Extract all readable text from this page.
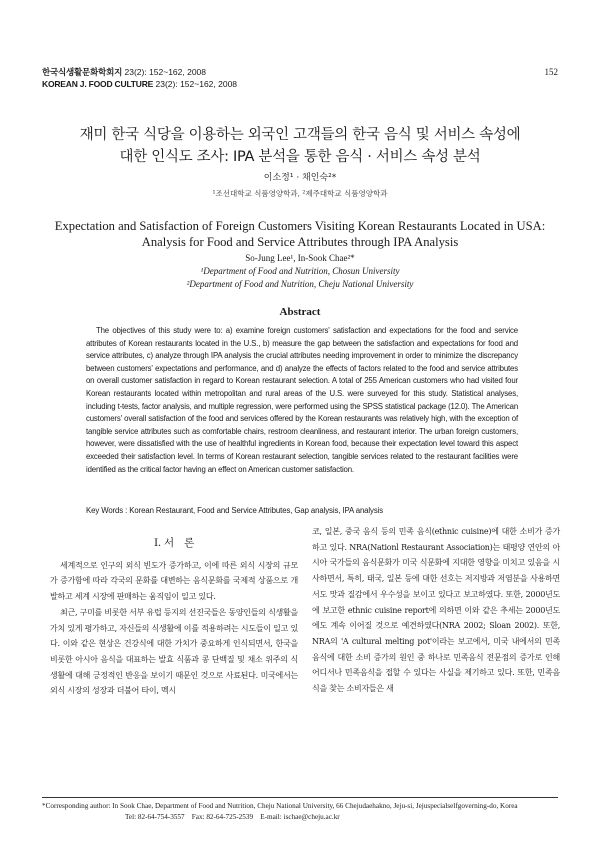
한국식생활문화학회지 23(2): 152~162, 2008
KOREAN J. FOOD CULTURE 23(2): 152~162, 2008
152
재미 한국 식당을 이용하는 외국인 고객들의 한국 음식 및 서비스 속성에
대한 인식도 조사: IPA 분석을 통한 음식 · 서비스 속성 분석
이소정¹ · 채인숙²*
¹조선대학교 식품영양학과, ²제주대학교 식품영양학과
Expectation and Satisfaction of Foreign Customers Visiting Korean Restaurants Located in USA:
Analysis for Food and Service Attributes through IPA Analysis
So-Jung Lee¹, In-Sook Chae²*
¹Department of Food and Nutrition, Chosun University
²Department of Food and Nutrition, Cheju National University
Abstract

The objectives of this study were to: a) examine foreign customers' satisfaction and expectations for the food and service attributes of Korean restaurants located in the U.S., b) measure the gap between the satisfaction and expectations for food and service attributes, c) analyze through IPA analysis the crucial attributes needing improvement in order to minimize the discrepancy between customers' expectations and performance, and d) analyze the effects of factors related to the food and service attributes on overall customer satisfaction in regard to Korean restaurant selection. A total of 255 American customers who had visited four Korean restaurants located within metropolitan and rural areas of the U.S. were surveyed for this study. Statistical analyses, including t-tests, factor analysis, and multiple regression, were performed using the SPSS statistical package (12.0). The American customers' overall satisfaction of the food and services offered by the Korean restaurants was relatively high, with the exception of tangible service attributes such as comfortable chairs, restroom cleanliness, and restaurant interior. The urban foreign customers, however, were dissatisfied with the use of healthful ingredients in Korean food, because their expectation level toward this aspect exceeded their satisfaction level. In terms of Korean restaurant selection, tangible services related to the restaurant facilities were identified as the critical factor having an effect on American customer satisfaction.

Key Words : Korean Restaurant, Food and Service Attributes, Gap analysis, IPA analysis
I. 서　론

세계적으로 인구의 외식 빈도가 증가하고, 이에 따른 외식 시장의 규모가 증가함에 따라 각국의 문화를 대변하는 음식문화를 국제적 상품으로 개발하고 세계 시장에 판매하는 움직임이 일고 있다.

최근, 구미를 비롯한 서부 유럽 등지의 선진국들은 동양인들의 식생활을 가치 있게 평가하고, 자신들의 식생활에 이를 적용하려는 시도들이 일고 있다. 이와 같은 현상은 건강식에 대한 가치가 중요하게 인식되면서, 한국을 비롯한 아시아 음식을 대표하는 발효 식품과 콩 단백질 및 채소 위주의 식생활에 대해 긍정적인 반응을 보이기 때문인 것으로 사료된다. 미국에서는 외식 시장의 성장과 더불어 타이, 멕시

코, 일본, 중국 음식 등의 민족 음식(ethnic cuisine)에 대한 소비가 증가하고 있다. NRA(Nationl Restaurant Association)는 태평양 연안의 아시아 국가들의 음식문화가 미국 식문화에 지대한 영향을 미치고 있음을 시사하면서, 특히, 태국, 일본 등에 대한 선호는 저지방과 저염분을 사용하면서도 맛과 질감에서 우수성을 보이고 있다고 보고하였다. 또한, 2000년도에 보고한 ethnic cuisine report에 의하면 이와 같은 추세는 2000년도에도 계속 이어질 것으로 예견하였다(NRA 2002; Sloan 2002). 또한, NRA의 'A cultural melting pot'이라는 보고에서, 미국 내에서의 민족 음식에 대한 소비 증가의 원인 중 하나로 민족음식 전문점의 증가로 인해 어디서나 민족음식을 접할 수 있다는 사실을 제기하고 있다. 또한, 민족음식을 찾는 소비자들은 새

*Corresponding author: In Sook Chae, Department of Food and Nutrition, Cheju National University, 66 Chejudaehakno, Jeju-si, Jejuspecialselfgoverning-do, Korea
Tel: 82-64-754-3557　Fax: 82-64-725-2539　E-mail: ischae@cheju.ac.kr
